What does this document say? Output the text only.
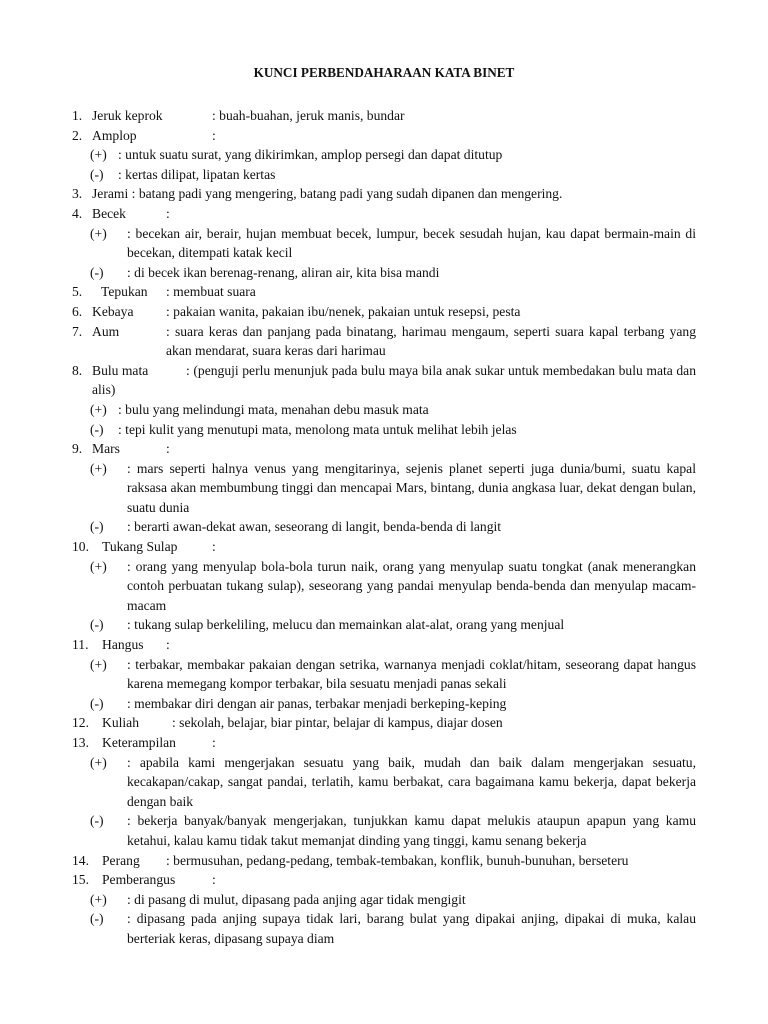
KUNCI PERBENDAHARAAN KATA BINET
1. Jeruk keprok	: buah-buahan, jeruk manis, bundar
2. Amplop	:
(+) : untuk suatu surat, yang dikirimkan, amplop persegi dan dapat ditutup
(-)	: kertas dilipat, lipatan kertas
3. Jerami : batang padi yang mengering, batang padi yang sudah dipanen dan mengering.
4. Becek	:
(+)	: becekan air, berair, hujan membuat becek, lumpur, becek sesudah hujan, kau dapat bermain-main di becekan, ditempati katak kecil
(-)	: di becek ikan berenag-renang, aliran air, kita bisa mandi
5. Tepukan	: membuat suara
6. Kebaya	: pakaian wanita, pakaian ibu/nenek, pakaian untuk resepsi, pesta
7. Aum	: suara keras dan panjang pada binatang, harimau mengaum, seperti suara kapal terbang yang akan mendarat, suara keras dari harimau
8. Bulu mata	: (penguji perlu menunjuk pada bulu maya bila anak sukar untuk membedakan bulu mata dan alis)
(+) : bulu yang melindungi mata, menahan debu masuk mata
(-)	: tepi kulit yang menutupi mata, menolong mata untuk melihat lebih jelas
9. Mars	:
(+)	: mars seperti halnya venus yang mengitarinya, sejenis planet seperti juga dunia/bumi, suatu kapal raksasa akan membumbung tinggi dan mencapai Mars, bintang, dunia angkasa luar, dekat dengan bulan, suatu dunia
(-)	: berarti awan-dekat awan, seseorang di langit, benda-benda di langit
10. Tukang Sulap	:
(+)	: orang yang menyulap bola-bola turun naik, orang yang menyulap suatu tongkat (anak menerangkan contoh perbuatan tukang sulap), seseorang yang pandai menyulap benda-benda dan menyulap macam-macam
(-)	: tukang sulap berkeliling, melucu dan memainkan alat-alat, orang yang menjual
11. Hangus	:
(+)	: terbakar, membakar pakaian dengan setrika, warnanya menjadi coklat/hitam, seseorang dapat hangus karena memegang kompor terbakar, bila sesuatu menjadi panas sekali
(-)	: membakar diri dengan air panas, terbakar menjadi berkeping-keping
12. Kuliah	: sekolah, belajar, biar pintar, belajar di kampus, diajar dosen
13. Keterampilan	:
(+)	: apabila kami mengerjakan sesuatu yang baik, mudah dan baik dalam mengerjakan sesuatu, kecakapan/cakap, sangat pandai, terlatih, kamu berbakat, cara bagaimana kamu bekerja, dapat bekerja dengan baik
(-)	: bekerja banyak/banyak mengerjakan, tunjukkan kamu dapat melukis ataupun apapun yang kamu ketahui, kalau kamu tidak takut memanjat dinding yang tinggi, kamu senang bekerja
14. Perang	: bermusuhan, pedang-pedang, tembak-tembakan, konflik, bunuh-bunuhan, berseteru
15. Pemberangus	:
(+)	: di pasang di mulut, dipasang pada anjing agar tidak mengigit
(-)	: dipasang pada anjing supaya tidak lari, barang bulat yang dipakai anjing, dipakai di muka, kalau berteriak keras, dipasang supaya diam
